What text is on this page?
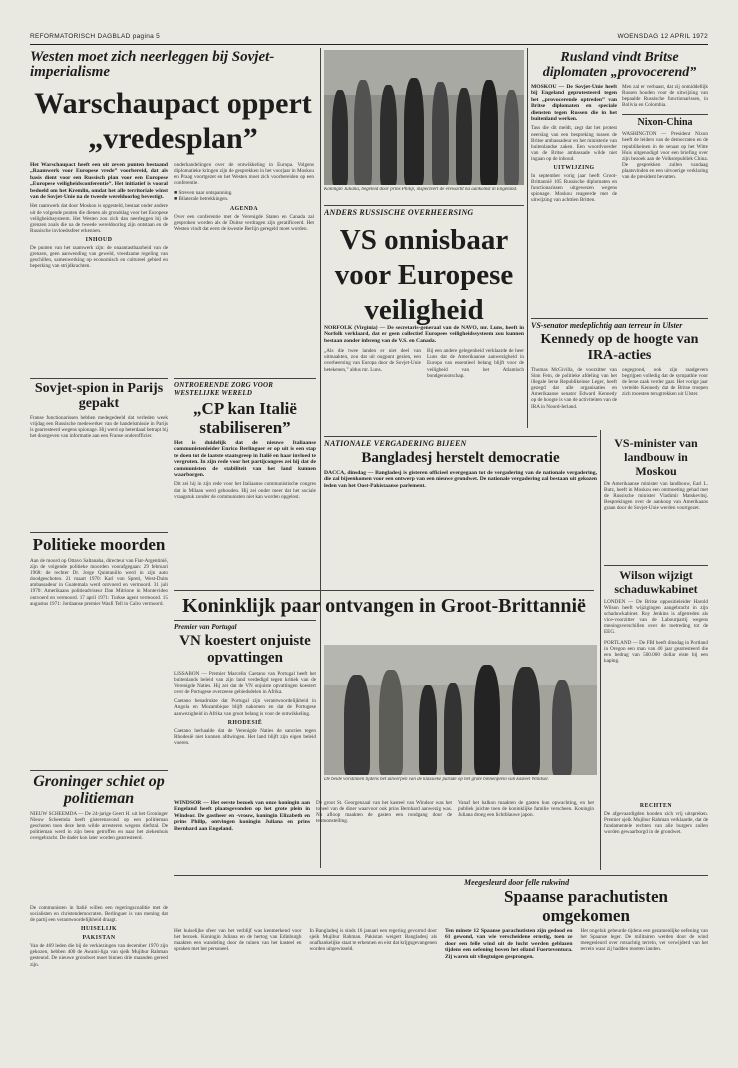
REFORMATORISCH DAGBLAD pagina 5	WOENSDAG 12 APRIL 1972
Westen moet zich neerleggen bij Sovjet-imperialisme
Warschaupact oppert „vredesplan”
Het Warschaupact heeft een uit zeven punten bestaand „Raamwerk voor Europese vrede” voorbereid, dat als basis dient voor een Russisch plan voor een Europese „Europese veiligheidsconferentie”. Het initiatief is vooral bedoeld om het Kremlin, omdat het alle territoriale winst van de Sovjet-Unie na de tweede wereldoorlog bevestigt.
Het raamwerk dat door Moskou is opgesteld, bestaat onder andere uit de volgende punten die dienen als grondslag voor het Europese veiligheidssysteem. Het Westen zou zich dan neerleggen bij de grenzen zoals die na de tweede wereldoorlog zijn ontstaan en de Russische invloedssfeer erkennen.
INHOUD
De punten van het raamwerk zijn: de onaantastbaarheid van de grenzen, geen aanwending van geweld, vreedzame regeling van geschillen, samenwerking op economisch en cultureel gebied en beperking van strijdkrachten.
onderhandelingen over de ontwikkeling in Europa. Volgens diplomatieke kringen zijn de gesprekken in het voorjaar in Moskou en Praag voortgezet en het Westen moet zich voorbereiden op een conferentie.
■ Streven naar ontspanning.
■ Bilaterale betrekkingen.
AGENDA
Over een conferentie met de Verenigde Staten en Canada zal gesproken worden als de Duitse verdragen zijn geratificeerd. Het Westen vindt dat eerst de kwestie Berlijn geregeld moet worden.
Sovjet-spion in Parijs gepakt
Franse functionarissen hebben medegedeeld dat verleden week vrijdag een Russische medewerker van de handelsmissie in Parijs is gearresteerd wegens spionage. Hij werd op heterdaad betrapt bij het doorgeven van informatie aan een Franse onderofficier.
Politieke moorden
Aan de moord op Ottavo Saltanaha, directeur van Fiat-Argentinië, zijn de volgende politieke moorden voorafgegaan: 29 februari 1968: de rechter Dr. Jorge Quintanillo werd in zijn auto doodgeschoten. 21 maart 1970: Karl von Spreti, West-Duits ambassadeur in Guatemala werd ontvoerd en vermoord. 31 juli 1970: Amerikaans politieadviseur Dan Mitrione in Montevideo ontvoerd en vermoord. 17 april 1971: Turkse agent vermoord. 15 augustus 1971: Jordaanse premier Wasfi Tell in Caïro vermoord.
Groninger schiet op politieman
NIEUW SCHEEMDA — De 24-jarige Geert H. uit het Groninger Nieuw Scheemda heeft gisterenavond op een politieman geschoten toen deze hem wilde arresteren wegens diefstal. De politieman werd in zijn been getroffen en naar het ziekenhuis overgebracht. De dader kon later worden gearresteerd.
ONTROERENDE ZORG VOOR WESTELIJKE WERELD
„CP kan Italië stabiliseren”
Het is duidelijk dat de nieuwe Italiaanse communistenleider Enrico Berlinguer er op uit is een stap te doen tot de laatste staatsgreep in Italië en haar invloed te vergroten. In zijn rede voor het partijcongres zei hij dat de communisten de stabiliteit van het land kunnen waarborgen.
Dit zei hij in zijn rede voor het Italiaanse communistische congres dat in Milaan werd gehouden. Hij zei onder meer dat het sociale vraagstuk zonder de communisten niet kan worden opgelost.
Premier van Portugal
VN koestert onjuiste opvattingen
LISSABON — Premier Marcello Caetano van Portugal heeft het buitenlands beleid van zijn land verdedigd tegen kritiek van de Verenigde Naties. Hij zei dat de VN onjuiste opvattingen koestert over de Portugese overzeese gebiedsdelen in Afrika.
Caetano benadrukte dat Portugal zijn verantwoordelijkheid in Angola en Mozambique blijft nakomen en dat de Portugese aanwezigheid in Afrika van groot belang is voor de ontwikkeling.
RHODESIË
Caetano herhaalde dat de Verenigde Naties de sancties tegen Rhodesië niet kunnen afdwingen. Het land blijft zijn eigen beleid voeren.
Koningin Juliana, begeleid door prins Philip, inspecteert de erewacht na aankomst in Engeland.
ANDERS RUSSISCHE OVERHEERSING
VS onnisbaar voor Europese veiligheid
NORFOLK (Virginia) — De secretaris-generaal van de NAVO, mr. Luns, heeft in Norfolk verklaard, dat er geen collectief Europees veiligheidssysteem zou kunnen bestaan zonder inbreng van de V.S. en Canada.
„Als die twee landen er niet deel van uitmaakten, zou dat uit oogpunt gezien, een overheersing van Europa door de Sovjet-Unie betekenen,” aldus mr. Luns.
Bij een andere gelegenheid verklaarde de heer Luns dat de Amerikaanse aanwezigheid in Europa van essentieel belang blijft voor de veiligheid van het Atlantisch bondgenootschap.
Rusland vindt Britse diplomaten „provocerend”
MOSKOU — De Sovjet-Unie heeft bij Engeland geprotesteerd tegen het „provocerende optreden” van Britse diplomaten en speciale diensten tegen Russen die in het buitenland werken.
Tass die dit meldt, zegt dat het protest neerslag van een bespreking tussen de Britse ambassadeur en het ministerie van buitenlandse zaken. Een woordvoerder van de Britse ambassade wilde niet ingaan op de inhoud.
UITWIJZING
In september vorig jaar heeft Groot-Brittannië 105 Russische diplomaten en functionarissen uitgewezen wegens spionage. Moskou reageerde met de uitwijzing van achttien Britten.
Men zal er verbaast, dat zij onmiddellijk Russen houden voor de uitwijzing van bepaalde Russische functionarissen, in Bolivia en Colombia.
Nixon-China
WASHINGTON — President Nixon heeft de leiders van de democraten en de republikeinen in de senaat op het Witte Huis uitgenodigd voor een briefing over zijn bezoek aan de Volksrepubliek China. De gesprekken zullen vandaag plaatsvinden en een uitvoerige verklaring van de president bevatten.
VS-senator medeplichtig aan terreur in Ulster
Kennedy op de hoogte van IRA-acties
Thomas McGivilla, de voorzitter van Sinn Fein, de politieke afdeling van het illegale Ierse Republikeinse Leger, heeft gezegd dat alle organisaties en Amerikaanse senator Edward Kennedy op de hoogte is van de activiteiten van de IRA in Noord-Ierland.
ongegrond, ook zijn raadgevers begrijpen volledig dat de sympathie voor de Ierse zaak verder gaat. Het vorige jaar vertelde Kennedy dat de Britse troepen zich moesten terugtrekken uit Ulster.
NATIONALE VERGADERING BIJEEN
Bangladesj herstelt democratie
DACCA, dinsdag — Bangladesj is gisteren officieel overgegaan tot de vergadering van de nationale vergadering, die zal bijeenkomen voor een ontwerp van een nieuwe grondwet. De nationale vergadering zal bestaan uit gekozen leden van het Oost-Pakistaanse parlement.
VS-minister van landbouw in Moskou
De Amerikaanse minister van landbouw, Earl L. Butz, heeft in Moskou een ontmoeting gehad met de Russische minister Vladimir Matskevitsj. Besprekingen over de aankoop van Amerikaans graan door de Sovjet-Unie werden voortgezet.
Wilson wijzigt schaduwkabinet
LONDEN — De Britse oppositieleider Harold Wilson heeft wijzigingen aangebracht in zijn schaduwkabinet. Roy Jenkins is afgetreden als vice-voorzitter van de Labourpartij wegens meningsverschillen over de toetreding tot de EEG.
PORTLAND — De FBI heeft dinsdag in Portland in Oregon een man van 40 jaar gearresteerd die een bedrag van 500.000 dollar eiste bij een kaping.
Koninklijk paar ontvangen in Groot-Brittannië
De beide vorstinnen tijdens het uitwerpen van de klassieke parade op het grote binnenplein van kasteel Windsor.
WINDSOR — Het eerste bezoek van onze koningin aan Engeland heeft plaatsgevonden op het grote plein in Windsor. De gastheer en -vrouw, koningin Elizabeth en prins Philip, ontvingen koningin Juliana en prins Bernhard aan Engeland.
De groot St. Georgenzaal van het kasteel van Windsor was het toneel van de diner waarvoor ook prins Bernhard aanwezig was. Na afloop maakten de gasten een rondgang door de tentoonstelling.
Vanaf het balkon maakten de gasten hun opwachting, en het publiek juichte toen de koninklijke familie verscheen. Koningin Juliana droeg een lichtblauwe japon.
RECHTEN
De afgevaardigden konden zich vrij uitspreken. Premier sjeik Mujibur Rahman verklaarde, dat de fundamentele rechten van alle burgers zullen worden gewaarborgd in de grondwet.
Meegesleurd door felle rukwind
Spaanse parachutisten omgekomen
Het huiselijke sfeer van het verblijf was kenmerkend voor het bezoek. Koningin Juliana en de hertog van Edinburgh maakten een wandeling door de tuinen van het kasteel en spraken met het personeel.
In Bangladesj is sinds 16 januari een regering gevormd door sjeik Mujibur Rahman. Pakistan weigert Bangladesj als onafhankelijke staat te erkennen en eist dat krijgsgevangenen worden uitgewisseld.
Ten minste 12 Spaanse parachutisten zijn gedood en 61 gewond, van wie verscheidene ernstig, toen ze door een felle wind uit de lucht werden geblazen tijdens een oefening boven het eiland Fuerteventura. Zij waren uit vliegtuigen gesprongen.
Het ongeluk gebeurde tijdens een gezamenlijke oefening van het Spaanse leger. De militairen werden door de wind meegesleurd over rotsachtig terrein, ver verwijderd van het terrein waar zij hadden moeten landen.
De communisten in Italië willen een regeringscoalitie met de socialisten en christendemocraten. Berlinguer is van mening dat de partij een verantwoordelijkheid draagt.
HUISELIJK
PAKISTAN
Van de 469 leden die bij de verkiezingen van december 1970 zijn gekozen, hebben 400 de Awami-liga van sjeik Mujibur Rahman gesteund. De nieuwe grondwet moet binnen drie maanden gereed zijn.
